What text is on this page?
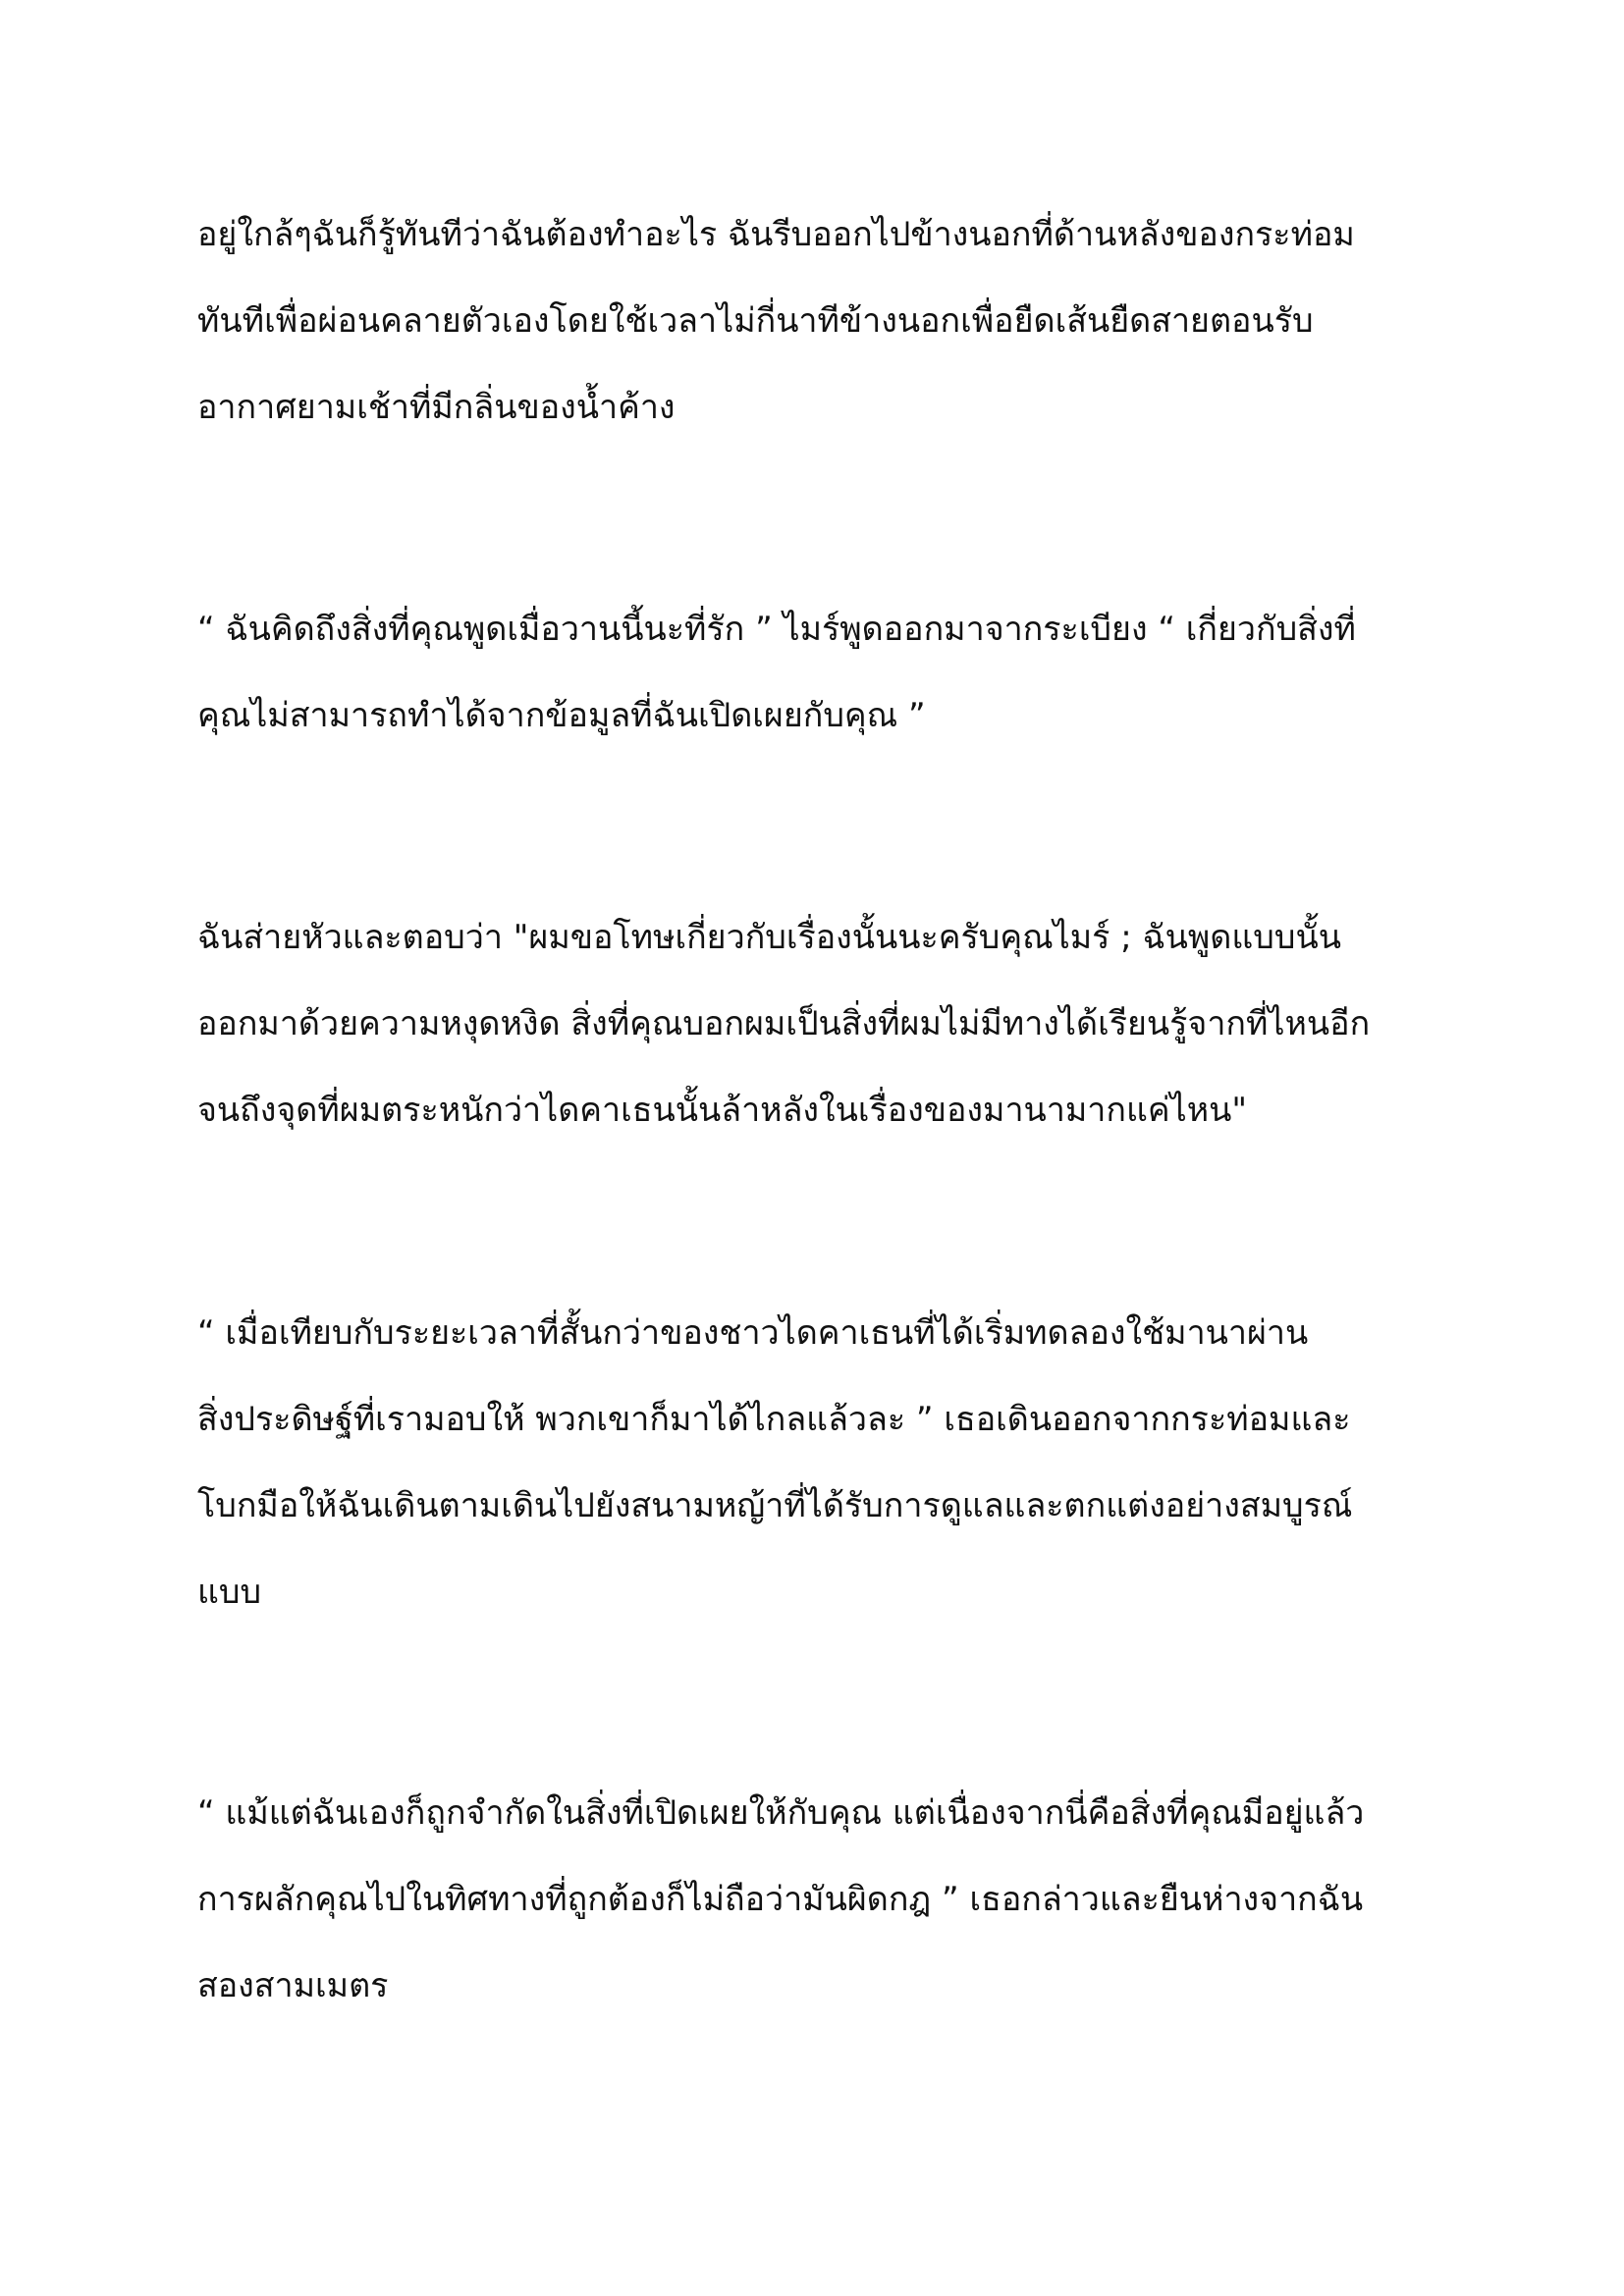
อยู่ใกล้ๆฉันก็รู้ทันทีว่าฉันต้องทำอะไร ฉันรีบออกไปข้างนอกที่ด้านหลังของกระท่อม
ทันทีเพื่อผ่อนคลายตัวเองโดยใช้เวลาไม่กี่นาทีข้างนอกเพื่อยืดเส้นยืดสายตอนรับ
อากาศยามเช้าที่มีกลิ่นของน้ำค้าง
“ ฉันคิดถึงสิ่งที่คุณพูดเมื่อวานนี้นะที่รัก ” ไมร์พูดออกมาจากระเบียง “ เกี่ยวกับสิ่งที่
คุณไม่สามารถทำได้จากข้อมูลที่ฉันเปิดเผยกับคุณ ”
ฉันส่ายหัวและตอบว่า "ผมขอโทษเกี่ยวกับเรื่องนั้นนะครับคุณไมร์ ; ฉันพูดแบบนั้น
ออกมาด้วยความหงุดหงิด สิ่งที่คุณบอกผมเป็นสิ่งที่ผมไม่มีทางได้เรียนรู้จากที่ไหนอีก
จนถึงจุดที่ผมตระหนักว่าไดคาเธนนั้นล้าหลังในเรื่องของมานามากแค่ไหน"
“ เมื่อเทียบกับระยะเวลาที่สั้นกว่าของชาวไดคาเธนที่ได้เริ่มทดลองใช้มานาผ่าน
สิ่งประดิษฐ์ที่เรามอบให้ พวกเขาก็มาได้ไกลแล้วละ ” เธอเดินออกจากกระท่อมและ
โบกมือให้ฉันเดินตามเดินไปยังสนามหญ้าที่ได้รับการดูแลและตกแต่งอย่างสมบูรณ์
แบบ
“ แม้แต่ฉันเองก็ถูกจำกัดในสิ่งที่เปิดเผยให้กับคุณ แต่เนื่องจากนี่คือสิ่งที่คุณมีอยู่แล้ว
การผลักคุณไปในทิศทางที่ถูกต้องก็ไม่ถือว่ามันผิดกฎ ” เธอกล่าวและยืนห่างจากฉัน
สองสามเมตร
